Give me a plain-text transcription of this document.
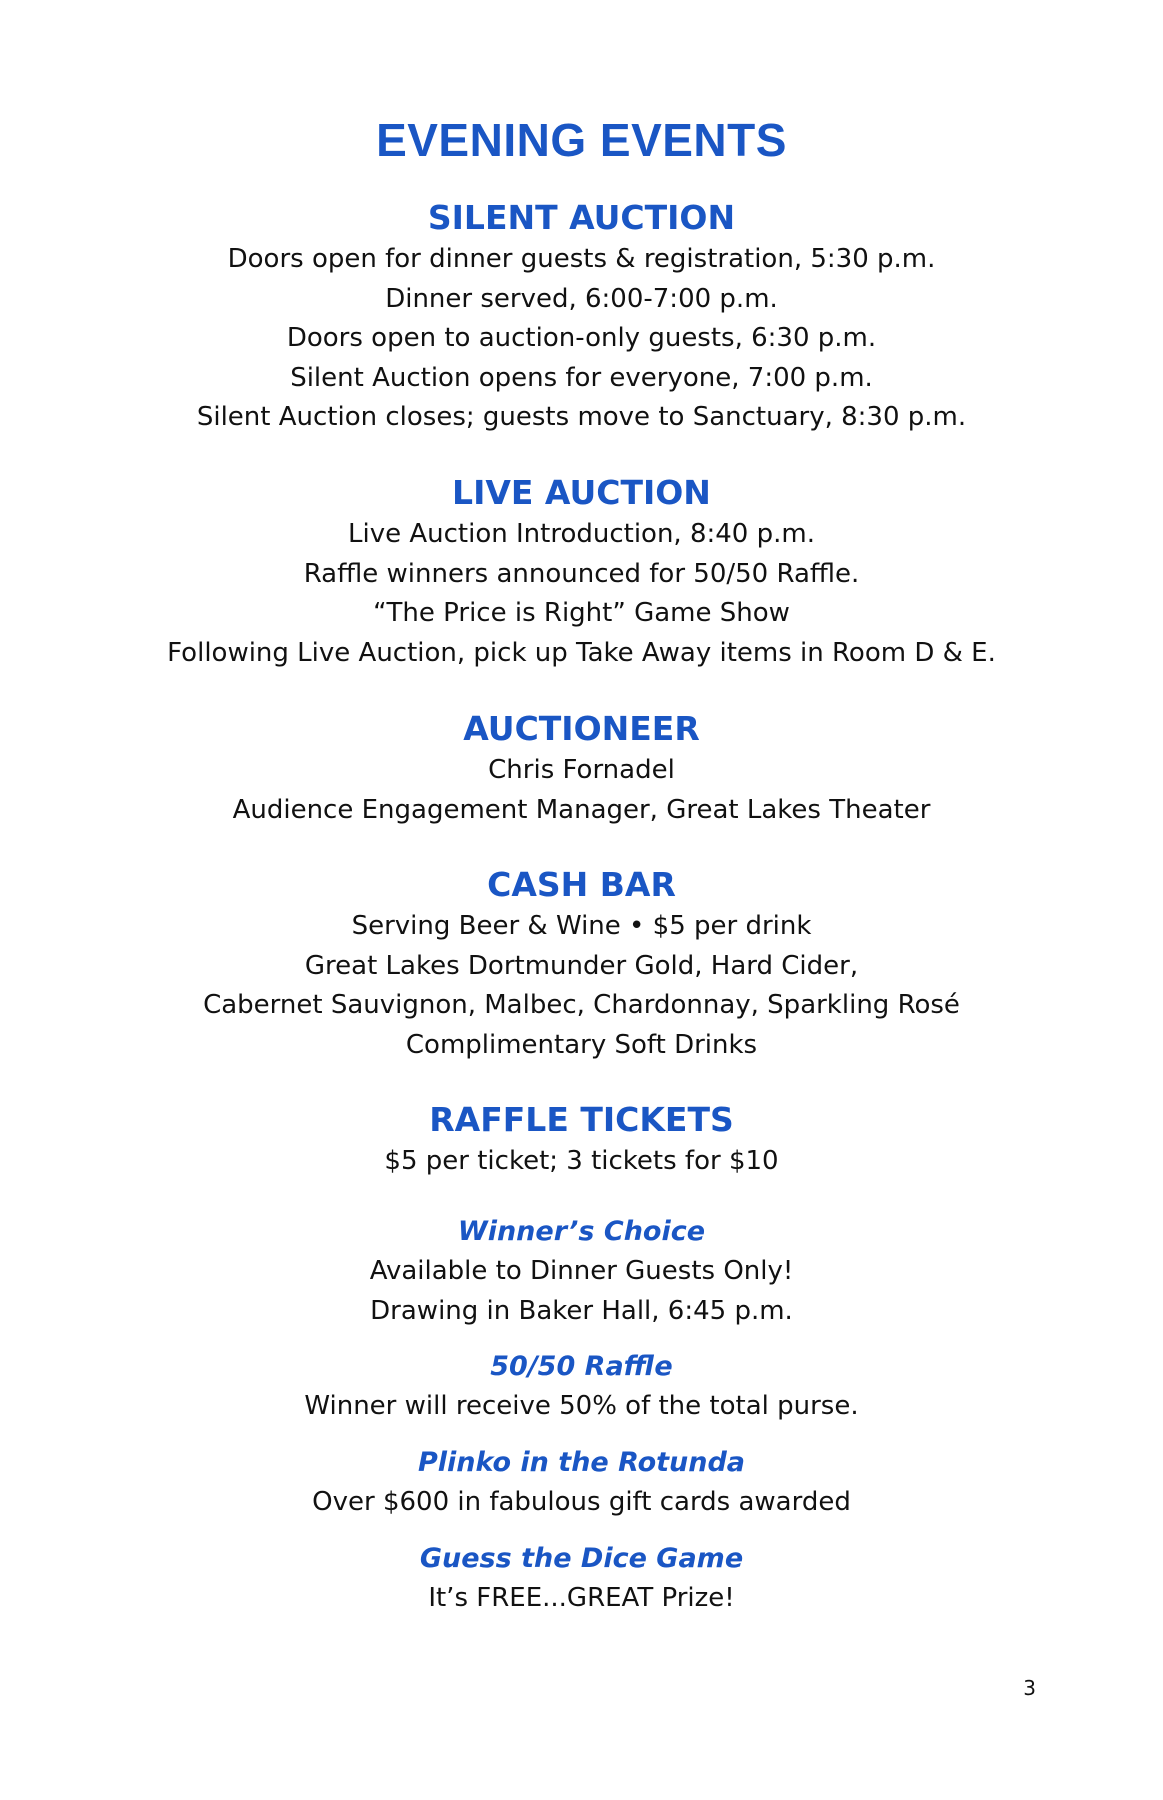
EVENING EVENTS
SILENT AUCTION
Doors open for dinner guests & registration, 5:30 p.m.
Dinner served, 6:00-7:00 p.m.
Doors open to auction-only guests, 6:30 p.m.
Silent Auction opens for everyone, 7:00 p.m.
Silent Auction closes; guests move to Sanctuary, 8:30 p.m.
LIVE AUCTION
Live Auction Introduction, 8:40 p.m.
Raffle winners announced for 50/50 Raffle.
“The Price is Right” Game Show
Following Live Auction, pick up Take Away items in Room D & E.
AUCTIONEER
Chris Fornadel
Audience Engagement Manager, Great Lakes Theater
CASH BAR
Serving Beer & Wine • $5 per drink
Great Lakes Dortmunder Gold, Hard Cider,
Cabernet Sauvignon, Malbec, Chardonnay, Sparkling Rosé
Complimentary Soft Drinks
RAFFLE TICKETS
$5 per ticket; 3 tickets for $10
Winner’s Choice
Available to Dinner Guests Only!
Drawing in Baker Hall, 6:45 p.m.
50/50 Raffle
Winner will receive 50% of the total purse.
Plinko in the Rotunda
Over $600 in fabulous gift cards awarded
Guess the Dice Game
It’s FREE...GREAT Prize!
3
